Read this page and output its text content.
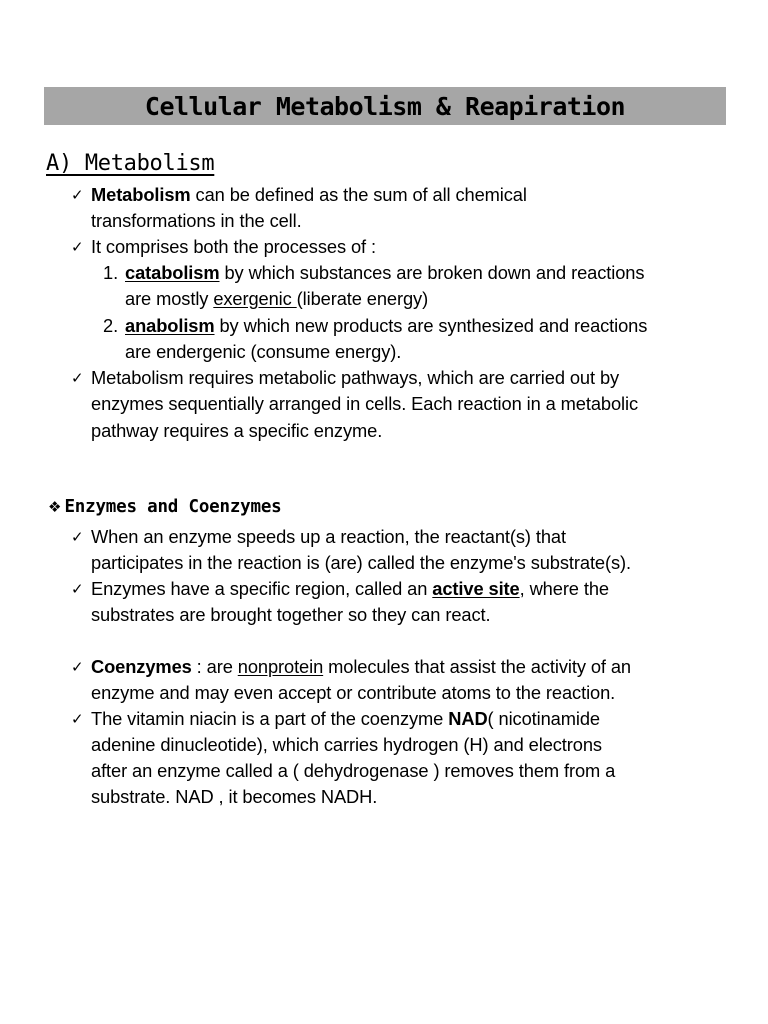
Cellular Metabolism & Reapiration
A) Metabolism
✓ Metabolism can be defined as the sum of all chemical
transformations in the cell.
✓ It comprises both the processes of :
1. catabolism by which substances are broken down and reactions
are mostly exergenic (liberate energy)
2. anabolism by which new products are synthesized and reactions
are endergenic (consume energy).
✓ Metabolism requires metabolic pathways, which are carried out by
enzymes sequentially arranged in cells. Each reaction in a metabolic
pathway requires a specific enzyme.
❖ Enzymes and Coenzymes
✓ When an enzyme speeds up a reaction, the reactant(s) that
participates in the reaction is (are) called the enzyme's substrate(s).
✓ Enzymes have a specific region, called an active site, where the
substrates are brought together so they can react.
✓ Coenzymes : are nonprotein molecules that assist the activity of an
enzyme and may even accept or contribute atoms to the reaction.
✓ The vitamin niacin is a part of the coenzyme NAD( nicotinamide
adenine dinucleotide), which carries hydrogen (H) and electrons
after an enzyme called a ( dehydrogenase ) removes them from a
substrate. NAD , it becomes NADH.
